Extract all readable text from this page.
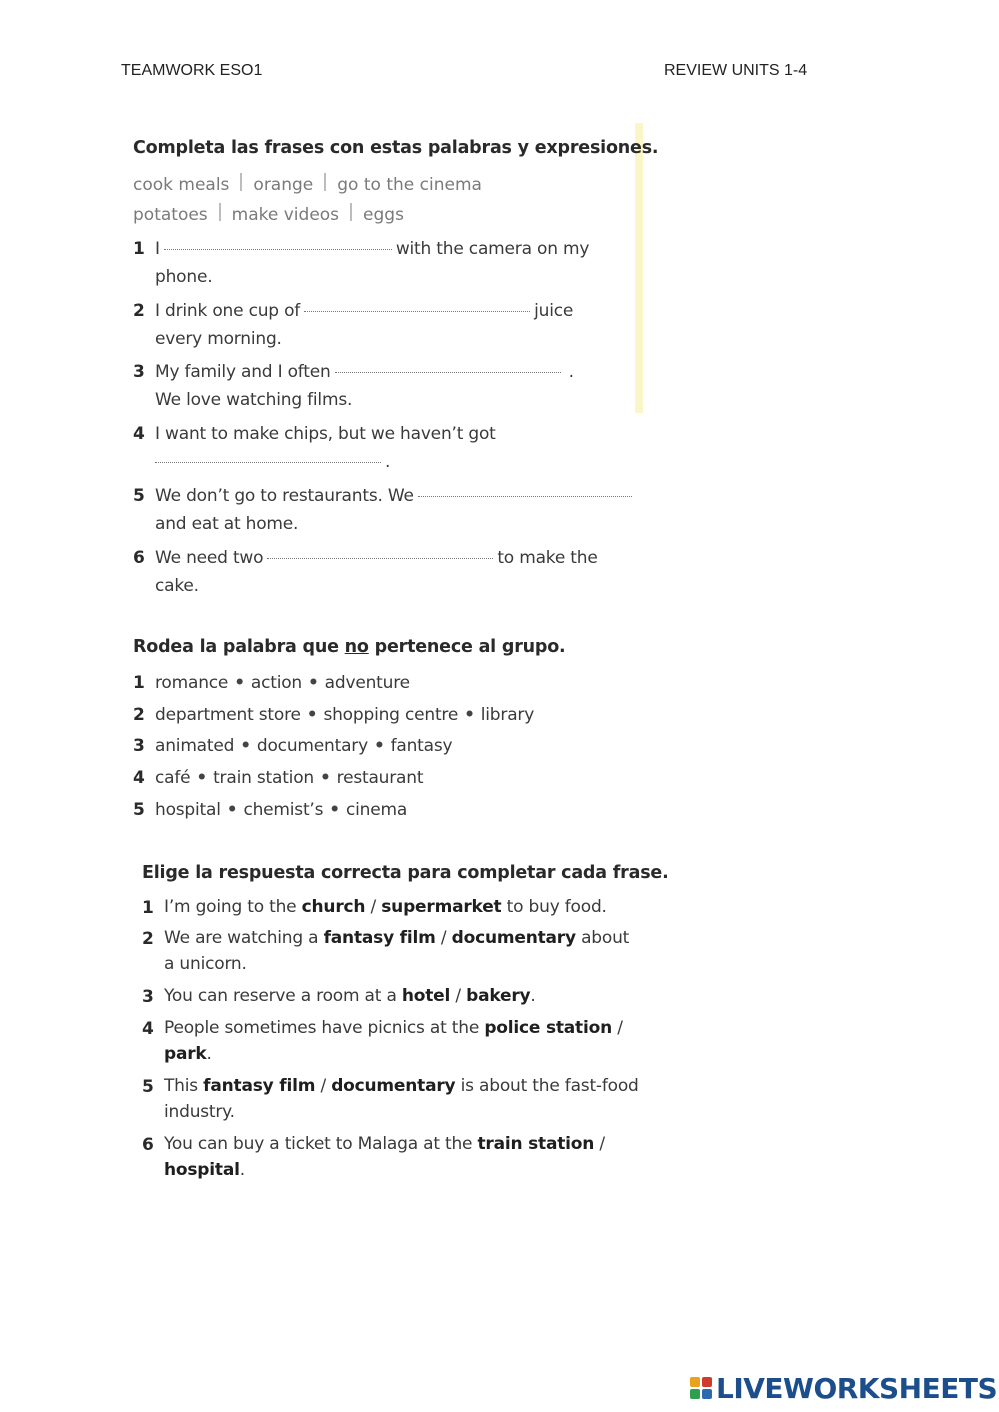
TEAMWORK ESO1	REVIEW UNITS 1-4
Completa las frases con estas palabras y expresiones.
cook meals orange go to the cinema
potatoes make videos eggs
1 I	with the camera on my
phone.
2 I drink one cup of	juice
every morning.
3 My family and I often	.
We love watching films.
4 I want to make chips, but we haven’t got
.
5 We don’t go to restaurants. We
and eat at home.
6 We need two	to make the
cake.
Rodea la palabra que no pertenece al grupo.
1 romance • action • adventure
2 department store • shopping centre • library
3 animated • documentary • fantasy
4 café • train station • restaurant
5 hospital • chemist’s • cinema
Elige la respuesta correcta para completar cada frase.
1 I’m going to the church / supermarket to buy food.
2 We are watching a fantasy film / documentary about
a unicorn.
3 You can reserve a room at a hotel / bakery.
4 People sometimes have picnics at the police station /
park.
5 This fantasy film / documentary is about the fast-food
industry.
6 You can buy a ticket to Malaga at the train station /
hospital.
LIVEWORKSHEETS
